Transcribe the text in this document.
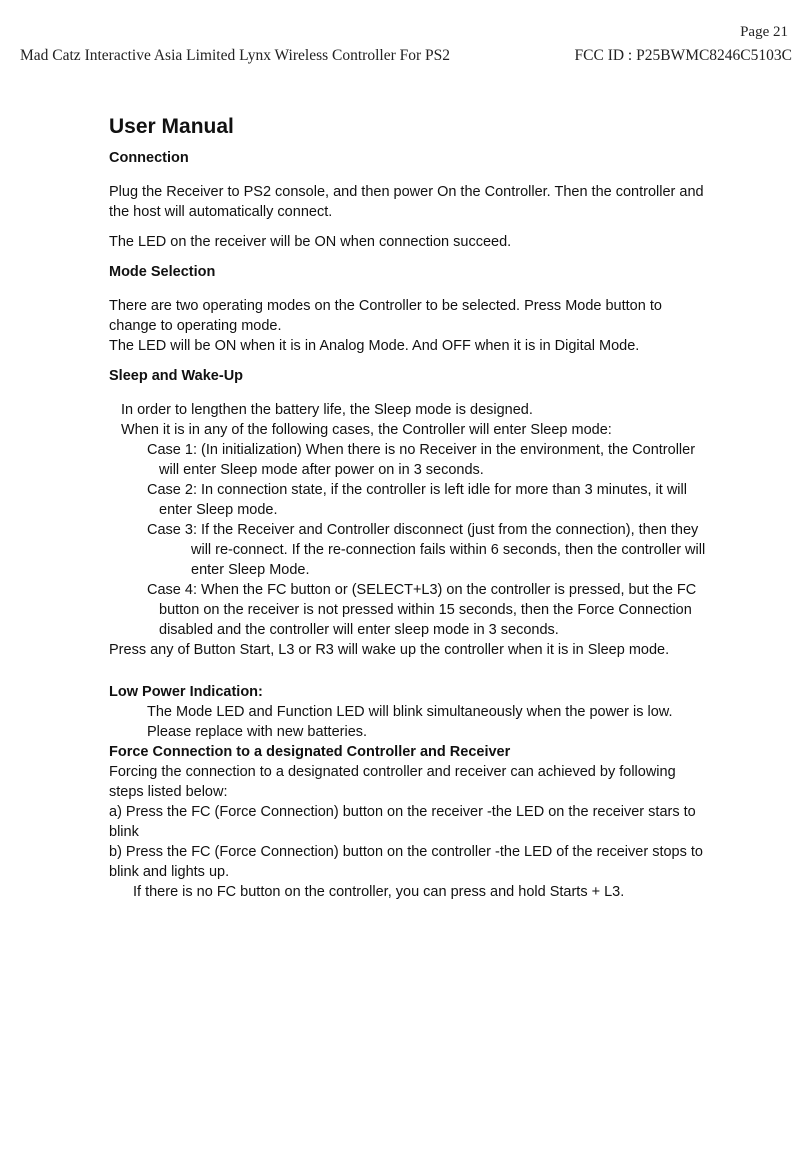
Page 21
Mad Catz Interactive Asia Limited Lynx Wireless Controller For PS2	FCC ID : P25BWMC8246C5103C
User Manual
Connection

Plug the Receiver to PS2 console, and then power On the Controller. Then the controller and the host will automatically connect.

The LED on the receiver will be ON when connection succeed.

Mode Selection

There are two operating modes on the Controller to be selected. Press Mode button to change to operating mode.

The LED will be ON when it is in Analog Mode. And OFF when it is in Digital Mode.

Sleep and Wake-Up

In order to lengthen the battery life, the Sleep mode is designed.

When it is in any of the following cases, the Controller will enter Sleep mode:

Case 1: (In initialization) When there is no Receiver in the environment, the Controller will enter Sleep mode after power on in 3 seconds.

Case 2: In connection state, if the controller is left idle for more than 3 minutes, it will enter Sleep mode.

Case 3: If the Receiver and Controller disconnect (just from the connection), then they will re-connect. If the re-connection fails within 6 seconds, then the controller will enter Sleep Mode.

Case 4: When the FC button or (SELECT+L3) on the controller is pressed, but the FC button on the receiver is not pressed within 15 seconds, then the Force Connection disabled and the controller will enter sleep mode in 3 seconds.

Press any of Button Start, L3 or R3 will wake up the controller when it is in Sleep mode.

Low Power Indication:

The Mode LED and Function LED will blink simultaneously when the power is low. Please replace with new batteries.

Force Connection to a designated Controller and Receiver

Forcing the connection to a designated controller and receiver can achieved by following steps listed below:

a) Press the FC (Force Connection) button on the receiver -the LED on the receiver stars to blink

b) Press the FC (Force Connection) button on the controller -the LED of the receiver stops to blink and lights up.

If there is no FC button on the controller, you can press and hold Starts + L3.
